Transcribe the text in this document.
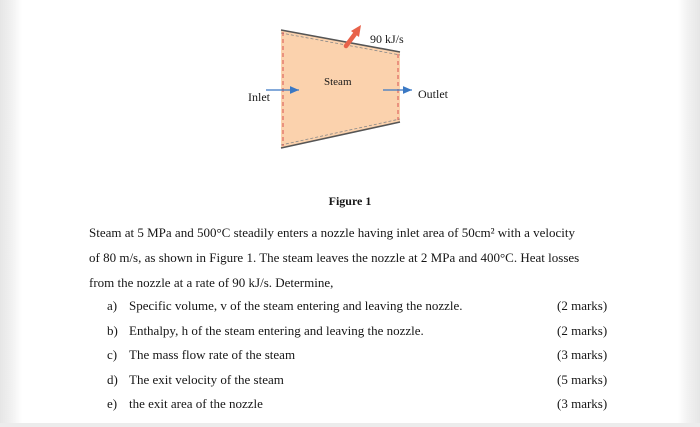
90 kJ/s
Steam
Inlet	Outlet

Figure 1

Steam at 5 MPa and 500°C steadily enters a nozzle having inlet area of 50cm² with a velocity
of 80 m/s, as shown in Figure 1. The steam leaves the nozzle at 2 MPa and 400°C. Heat losses
from the nozzle at a rate of 90 kJ/s. Determine,

a) Specific volume, v of the steam entering and leaving the nozzle.	(2 marks)
b) Enthalpy, h of the steam entering and leaving the nozzle.	(2 marks)
c) The mass flow rate of the steam	(3 marks)
d) The exit velocity of the steam	(5 marks)
e) the exit area of the nozzle	(3 marks)
